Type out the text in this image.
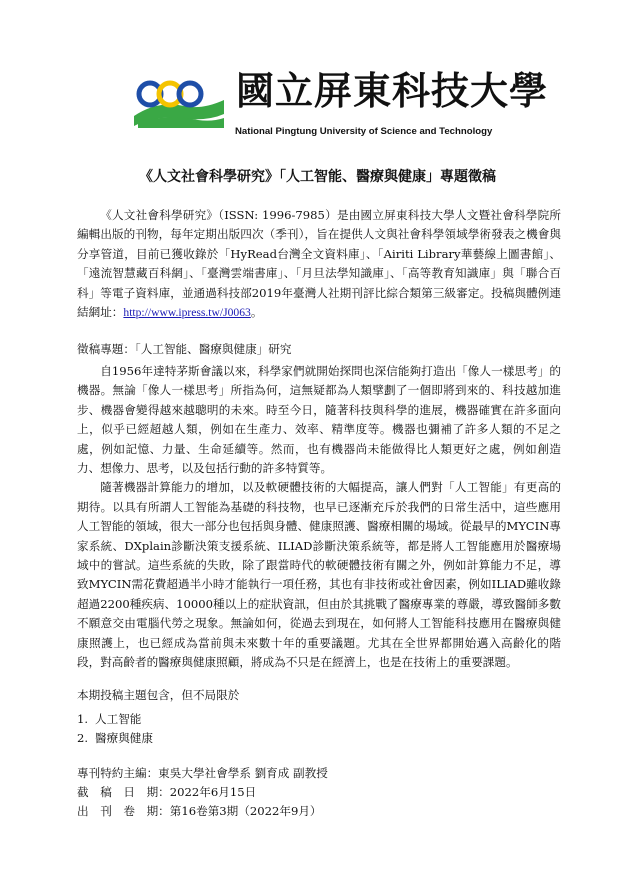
國立屏東科技大學
National Pingtung University of Science and Technology
《人文社會科學研究》「人工智能、醫療與健康」專題徵稿

《人文社會科學研究》（ISSN: 1996-7985）是由國立屏東科技大學人文暨社會科學院所編輯出版的刊物，每年定期出版四次（季刊），旨在提供人文與社會科學領域學術發表之機會與分享管道，目前已獲收錄於「HyRead台灣全文資料庫」、「Airiti Library華藝線上圖書館」、「遠流智慧藏百科網」、「臺灣雲端書庫」、「月旦法學知識庫」、「高等教育知識庫」與「聯合百科」等電子資料庫，並通過科技部2019年臺灣人社期刊評比綜合類第三級審定。投稿與體例連結網址：http://www.ipress.tw/J0063。

徵稿專題：「人工智能、醫療與健康」研究

自1956年達特茅斯會議以來，科學家們就開始探問也深信能夠打造出「像人一樣思考」的機器。無論「像人一樣思考」所指為何，這無疑都為人類擘劃了一個即將到來的、科技越加進步、機器會變得越來越聰明的未來。時至今日，隨著科技與科學的進展，機器確實在許多面向上，似乎已經超越人類，例如在生產力、效率、精準度等。機器也彌補了許多人類的不足之處，例如記憶、力量、生命延續等。然而，也有機器尚未能做得比人類更好之處，例如創造力、想像力、思考，以及包括行動的許多特質等。

隨著機器計算能力的增加，以及軟硬體技術的大幅提高，讓人們對「人工智能」有更高的期待。以具有所謂人工智能為基礎的科技物，也早已逐漸充斥於我們的日常生活中，這些應用人工智能的領域，很大一部分也包括與身體、健康照護、醫療相關的場域。從最早的MYCIN專家系統、DXplain診斷決策支援系統、ILIAD診斷決策系統等，都是將人工智能應用於醫療場域中的嘗試。這些系統的失敗，除了跟當時代的軟硬體技術有關之外，例如計算能力不足，導致MYCIN需花費超過半小時才能執行一項任務，其也有非技術或社會因素，例如ILIAD雖收錄超過2200種疾病、10000種以上的症狀資訊，但由於其挑戰了醫療專業的尊嚴，導致醫師多數不願意交由電腦代勞之現象。無論如何，從過去到現在，如何將人工智能科技應用在醫療與健康照護上，也已經成為當前與未來數十年的重要議題。尤其在全世界都開始邁入高齡化的階段，對高齡者的醫療與健康照顧，將成為不只是在經濟上，也是在技術上的重要課題。

本期投稿主題包含，但不局限於
1. 人工智能
2. 醫療與健康
專刊特約主編：東吳大學社會學系 劉育成 副教授
截　稿　日　期：2022年6月15日
出　刊　卷　期：第16卷第3期（2022年9月）
